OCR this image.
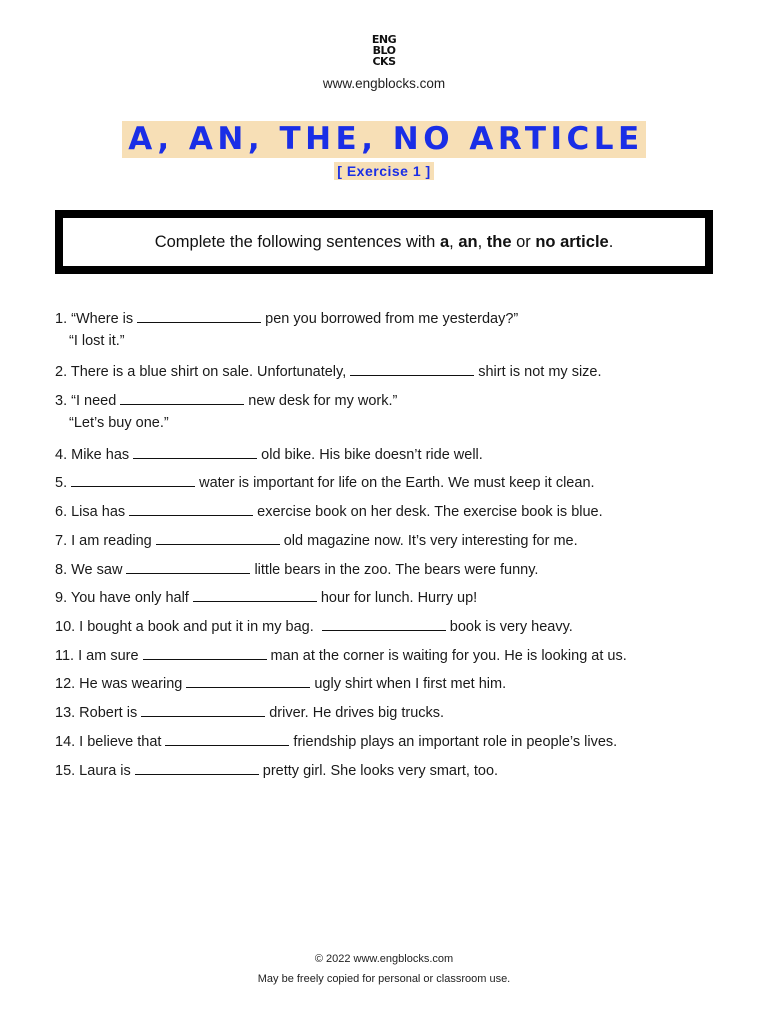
ENG
BLO
CKS
www.engblocks.com
A, AN, THE, NO ARTICLE
[ Exercise 1 ]
Complete the following sentences with a, an, the or no article.
1. “Where is	pen you borrowed from me yesterday?”
“I lost it.”
2. There is a blue shirt on sale. Unfortunately,	shirt is not my size.
3. “I need	new desk for my work.”
“Let’s buy one.”
4. Mike has	old bike. His bike doesn’t ride well.
5.	water is important for life on the Earth. We must keep it clean.
6. Lisa has	exercise book on her desk. The exercise book is blue.
7. I am reading	old magazine now. It’s very interesting for me.
8. We saw	little bears in the zoo. The bears were funny.
9. You have only half	hour for lunch. Hurry up!
10. I bought a book and put it in my bag.	book is very heavy.
11. I am sure	man at the corner is waiting for you. He is looking at us.
12. He was wearing	ugly shirt when I first met him.
13. Robert is	driver. He drives big trucks.
14. I believe that	friendship plays an important role in people’s lives.
15. Laura is	pretty girl. She looks very smart, too.
© 2022 www.engblocks.com
May be freely copied for personal or classroom use.
